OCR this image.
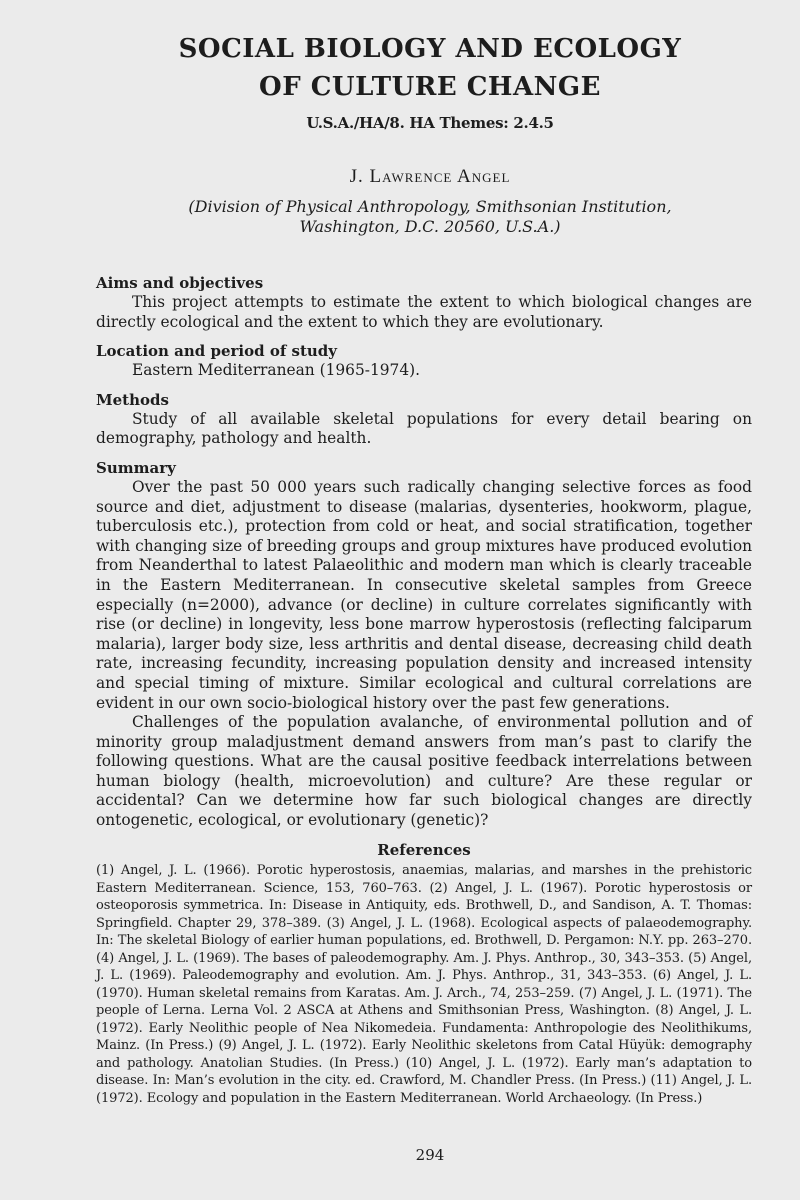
SOCIAL BIOLOGY AND ECOLOGY
OF CULTURE CHANGE
U.S.A./HA/8. HA Themes: 2.4.5
J. Lawrence Angel
(Division of Physical Anthropology, Smithsonian Institution,
Washington, D.C. 20560, U.S.A.)

Aims and objectives

This project attempts to estimate the extent to which biological changes are directly ecological and the extent to which they are evolutionary.

Location and period of study

Eastern Mediterranean (1965-1974).

Methods

Study of all available skeletal populations for every detail bearing on demography, pathology and health.

Summary

Over the past 50 000 years such radically changing selective forces as food source and diet, adjustment to disease (malarias, dysenteries, hookworm, plague, tuberculosis etc.), protection from cold or heat, and social stratification, together with changing size of breeding groups and group mixtures have produced evolution from Neanderthal to latest Palaeolithic and modern man which is clearly traceable in the Eastern Mediterranean. In consecutive skeletal samples from Greece especially (n=2000), advance (or decline) in culture correlates significantly with rise (or decline) in longevity, less bone marrow hyperostosis (reflecting falciparum malaria), larger body size, less arthritis and dental disease, decreasing child death rate, increasing fecundity, increasing population density and increased intensity and special timing of mixture. Similar ecological and cultural correlations are evident in our own socio-biological history over the past few generations.

Challenges of the population avalanche, of environmental pollution and of minority group maladjustment demand answers from man’s past to clarify the following questions. What are the causal positive feedback interrelations between human biology (health, microevolution) and culture? Are these regular or accidental? Can we determine how far such biological changes are directly ontogenetic, ecological, or evolutionary (genetic)?

References

(1) Angel, J. L. (1966). Porotic hyperostosis, anaemias, malarias, and marshes in the prehistoric Eastern Mediterranean. Science, 153, 760–763. (2) Angel, J. L. (1967). Porotic hyperostosis or osteoporosis symmetrica. In: Disease in Antiquity, eds. Brothwell, D., and Sandison, A. T. Thomas: Springfield. Chapter 29, 378–389. (3) Angel, J. L. (1968). Ecological aspects of palaeodemography. In: The skeletal Biology of earlier human populations, ed. Brothwell, D. Pergamon: N.Y. pp. 263–270. (4) Angel, J. L. (1969). The bases of paleodemography. Am. J. Phys. Anthrop., 30, 343–353. (5) Angel, J. L. (1969). Paleodemography and evolution. Am. J. Phys. Anthrop., 31, 343–353. (6) Angel, J. L. (1970). Human skeletal remains from Karatas. Am. J. Arch., 74, 253–259. (7) Angel, J. L. (1971). The people of Lerna. Lerna Vol. 2 ASCA at Athens and Smithsonian Press, Washington. (8) Angel, J. L. (1972). Early Neolithic people of Nea Nikomedeia. Fundamenta: Anthropologie des Neolithikums, Mainz. (In Press.) (9) Angel, J. L. (1972). Early Neolithic skeletons from Catal Hüyük: demography and pathology. Anatolian Studies. (In Press.) (10) Angel, J. L. (1972). Early man’s adaptation to disease. In: Man’s evolution in the city. ed. Crawford, M. Chandler Press. (In Press.) (11) Angel, J. L. (1972). Ecology and population in the Eastern Mediterranean. World Archaeology. (In Press.)

294
